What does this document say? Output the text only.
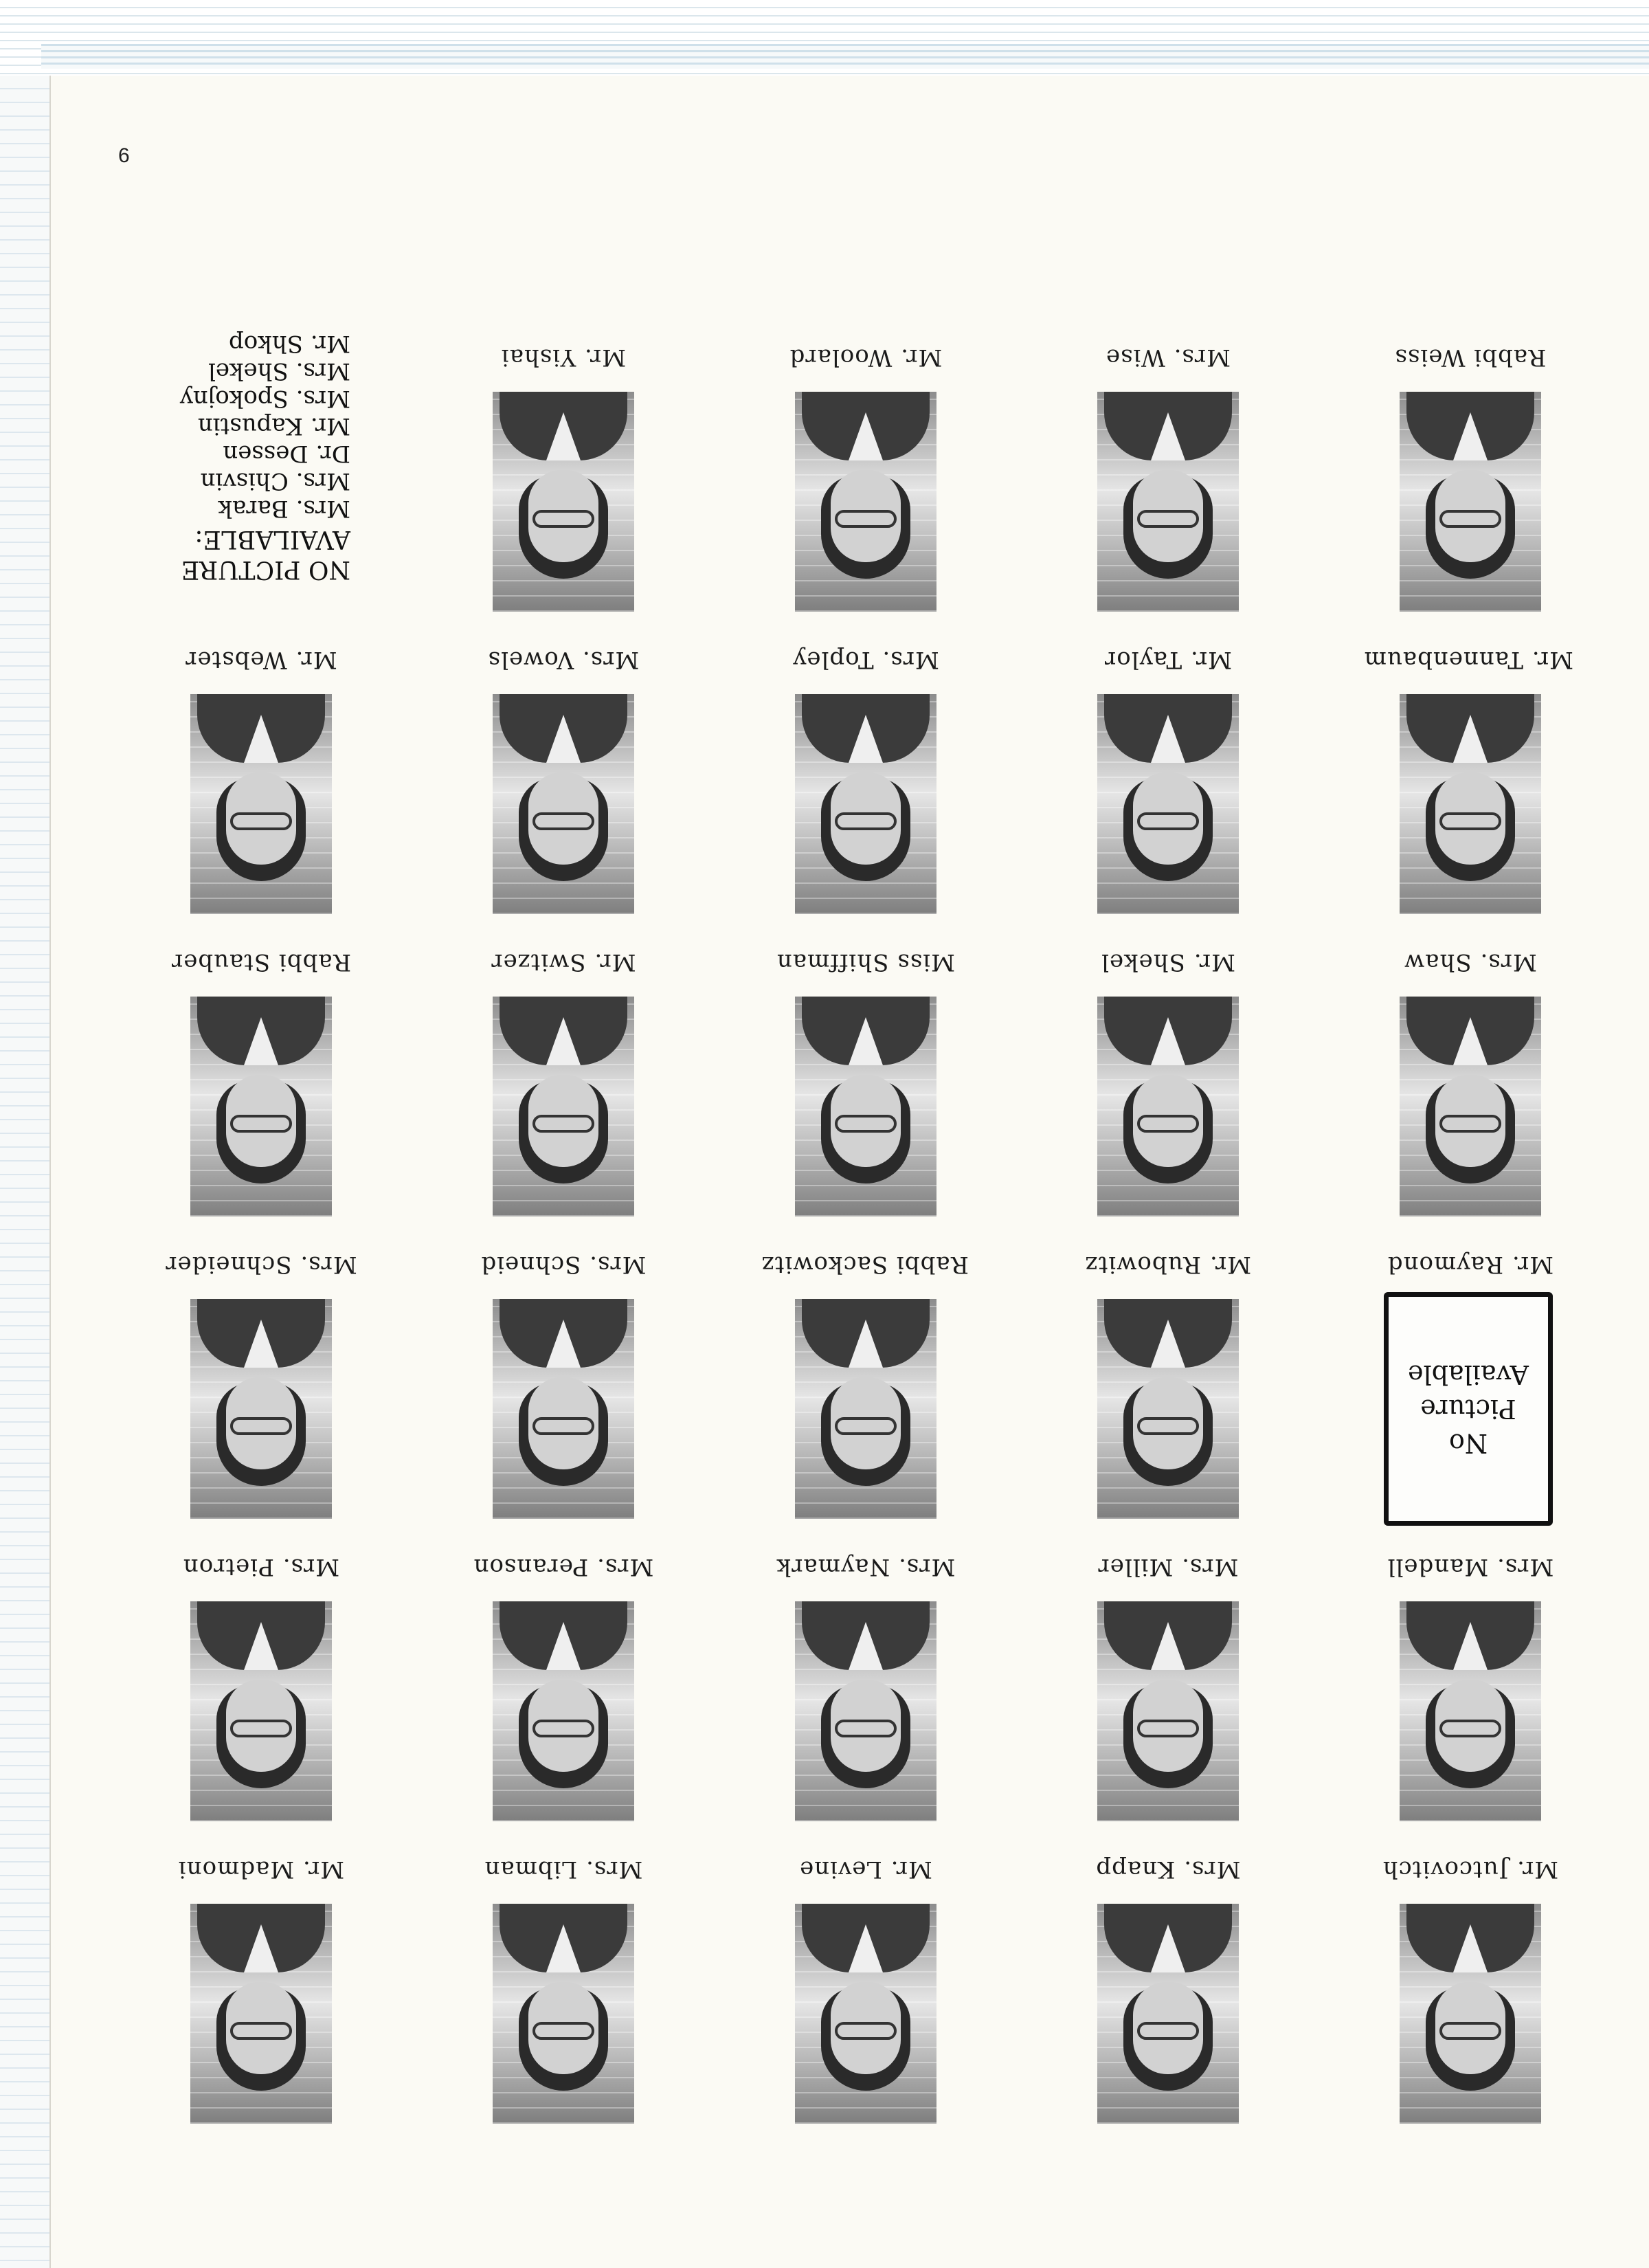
6
NO PICTURE
AVAILABLE:
Mrs. Barak
Mrs. Chisvin
Dr. Dessen
Mr. Kapustin
Mrs. Spokojny
Mrs. Shekel
Mr. Shkop
Mr. Jutcovitch
Mrs. Knapp
Mr. Levine
Mrs. Libman
Mr. Madmoni
Mrs. Mandell
Mrs. Miller
Mrs. Naymark
Mrs. Peranson
Mrs. Pietron
No
Picture
Available
Mr. Raymond
Mr. Rubowitz
Rabbi Sackowitz
Mrs. Schneid
Mrs. Schneider
Mrs. Shaw
Mr. Shekel
Miss Shiffman
Mr. Switzer
Rabbi Stauber
Mr. Tannenbaum
Mr. Taylor
Mrs. Topley
Mrs. Vowels
Mr. Webster
Rabbi Weiss
Mrs. Wise
Mr. Woolard
Mr. Yishai
